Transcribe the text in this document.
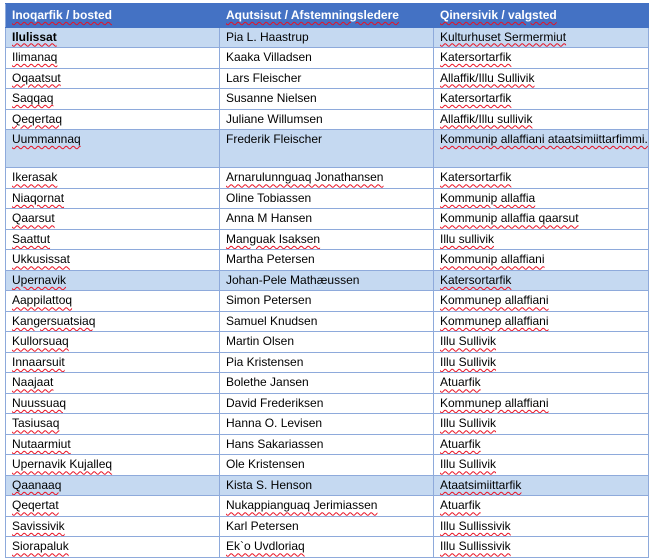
Inoqarfik / bosted	Aqutsisut / Afstemningsledere	Qinersivik / valgsted
Ilulissat	Pia L. Haastrup	Kulturhuset Sermermiut
Ilimanaq	Kaaka Villadsen	Katersortarfik
Oqaatsut	Lars Fleischer	Allaffik/Illu Sullivik
Saqqaq	Susanne Nielsen	Katersortarfik
Qeqertaq	Juliane Willumsen	Allaffik/Illu sullivik
Uummannaq	Frederik Fleischer	Kommunip allaffiani ataatsimiittarfimmi.
Ikerasak	Arnarulunnguaq Jonathansen	Katersortarfik
Niaqornat	Oline Tobiassen	Kommunip allaffia
Qaarsut	Anna M Hansen	Kommunip allaffia qaarsut
Saattut	Manguak Isaksen	Illu sullivik
Ukkusissat	Martha Petersen	Kommunip allaffiani
Upernavik	Johan-Pele Mathæussen	Katersortarfik
Aappilattoq	Simon Petersen	Kommunep allaffiani
Kangersuatsiaq	Samuel Knudsen	Kommunep allaffiani
Kullorsuaq	Martin Olsen	Illu Sullivik
Innaarsuit	Pia Kristensen	Illu Sullivik
Naajaat	Bolethe Jansen	Atuarfik
Nuussuaq	David Frederiksen	Kommunep allaffiani
Tasiusaq	Hanna O. Levisen	Illu Sullivik
Nutaarmiut	Hans Sakariassen	Atuarfik
Upernavik Kujalleq	Ole Kristensen	Illu Sullivik
Qaanaaq	Kista S. Henson	Ataatsimiittarfik
Qeqertat	Nukappianguaq Jerimiassen	Atuarfik
Savissivik	Karl Petersen	Illu Sullissivik
Siorapaluk	Ek`o Uvdloriaq	Illu Sullissivik
